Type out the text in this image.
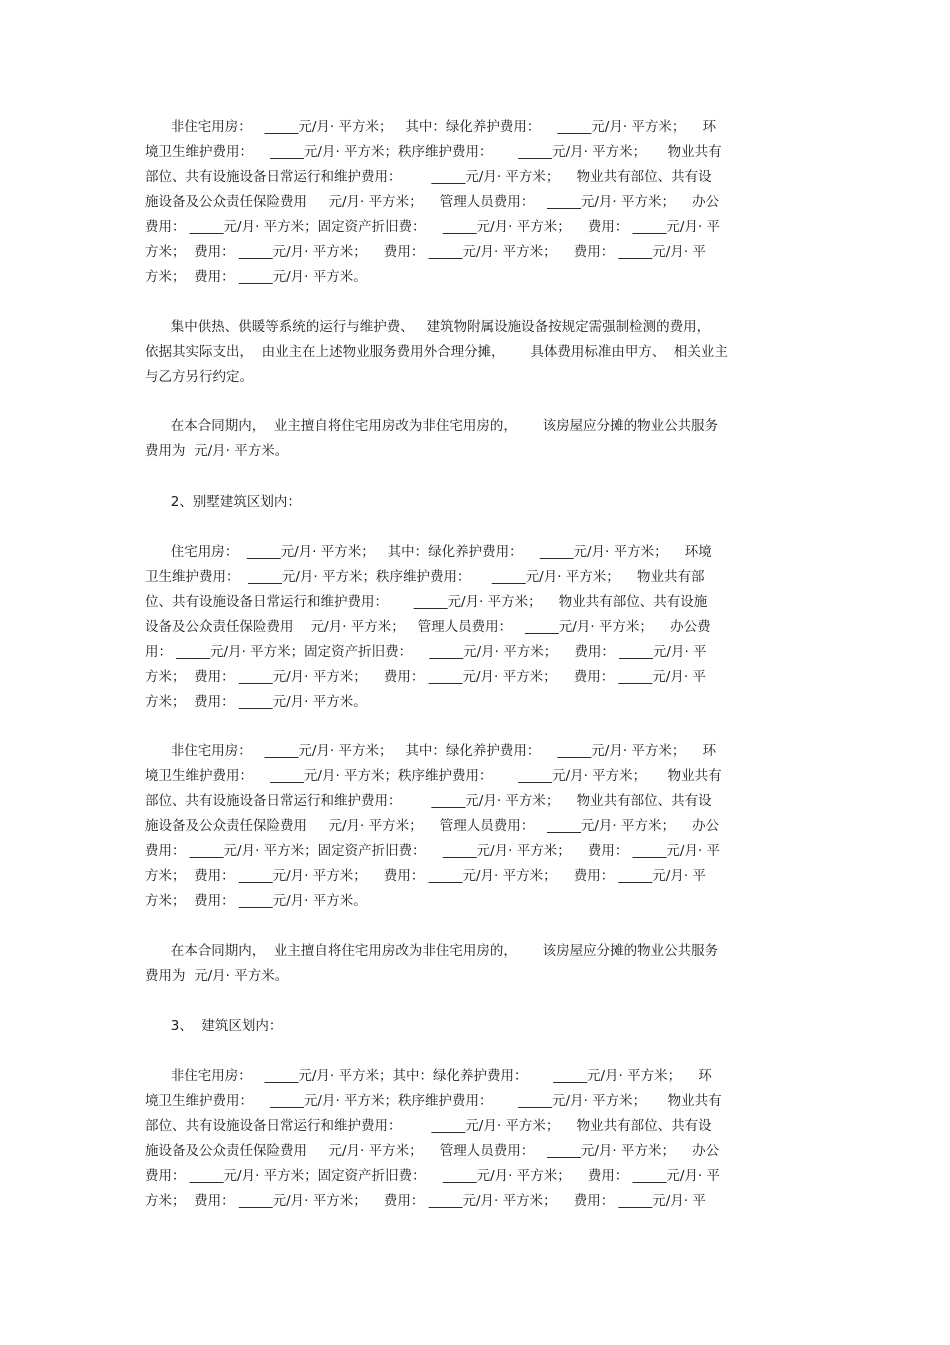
非住宅用房：   _____元/月· 平方米；   其中：绿化养护费用：    _____元/月· 平方米；    环
境卫生维护费用：    _____元/月· 平方米；秩序维护费用：      _____元/月· 平方米；     物业共有
部位、共有设施设备日常运行和维护费用：       _____元/月· 平方米；    物业共有部位、共有设
施设备及公众责任保险费用     元/月· 平方米；    管理人员费用：   _____元/月· 平方米；    办公
费用： _____元/月· 平方米；固定资产折旧费：    _____元/月· 平方米；    费用： _____元/月· 平
方米；  费用： _____元/月· 平方米；    费用： _____元/月· 平方米；    费用： _____元/月· 平
方米；  费用： _____元/月· 平方米。
集中供热、供暖等系统的运行与维护费、   建筑物附属设施设备按规定需强制检测的费用，
依据其实际支出，  由业主在上述物业服务费用外合理分摊，      具体费用标准由甲方、  相关业主
与乙方另行约定。
在本合同期内，  业主擅自将住宅用房改为非住宅用房的，      该房屋应分摊的物业公共服务
费用为  元/月· 平方米。
2、别墅建筑区划内：
住宅用房：  _____元/月· 平方米；   其中：绿化养护费用：    _____元/月· 平方米；    环境
卫生维护费用：  _____元/月· 平方米；秩序维护费用：     _____元/月· 平方米；    物业共有部
位、共有设施设备日常运行和维护费用：      _____元/月· 平方米；    物业共有部位、共有设施
设备及公众责任保险费用    元/月· 平方米；   管理人员费用：   _____元/月· 平方米；    办公费
用： _____元/月· 平方米；固定资产折旧费：    _____元/月· 平方米；    费用： _____元/月· 平
方米；  费用： _____元/月· 平方米；    费用： _____元/月· 平方米；    费用： _____元/月· 平
方米；  费用： _____元/月· 平方米。
非住宅用房：   _____元/月· 平方米；   其中：绿化养护费用：    _____元/月· 平方米；    环
境卫生维护费用：    _____元/月· 平方米；秩序维护费用：      _____元/月· 平方米；     物业共有
部位、共有设施设备日常运行和维护费用：       _____元/月· 平方米；    物业共有部位、共有设
施设备及公众责任保险费用     元/月· 平方米；    管理人员费用：   _____元/月· 平方米；    办公
费用： _____元/月· 平方米；固定资产折旧费：    _____元/月· 平方米；    费用： _____元/月· 平
方米；  费用： _____元/月· 平方米；    费用： _____元/月· 平方米；    费用： _____元/月· 平
方米；  费用： _____元/月· 平方米。
在本合同期内，  业主擅自将住宅用房改为非住宅用房的，      该房屋应分摊的物业公共服务
费用为  元/月· 平方米。
3、  建筑区划内：
非住宅用房：   _____元/月· 平方米；其中：绿化养护费用：      _____元/月· 平方米；    环
境卫生维护费用：    _____元/月· 平方米；秩序维护费用：      _____元/月· 平方米；     物业共有
部位、共有设施设备日常运行和维护费用：       _____元/月· 平方米；    物业共有部位、共有设
施设备及公众责任保险费用     元/月· 平方米；    管理人员费用：   _____元/月· 平方米；    办公
费用： _____元/月· 平方米；固定资产折旧费：    _____元/月· 平方米；    费用： _____元/月· 平
方米；  费用： _____元/月· 平方米；    费用： _____元/月· 平方米；    费用： _____元/月· 平
